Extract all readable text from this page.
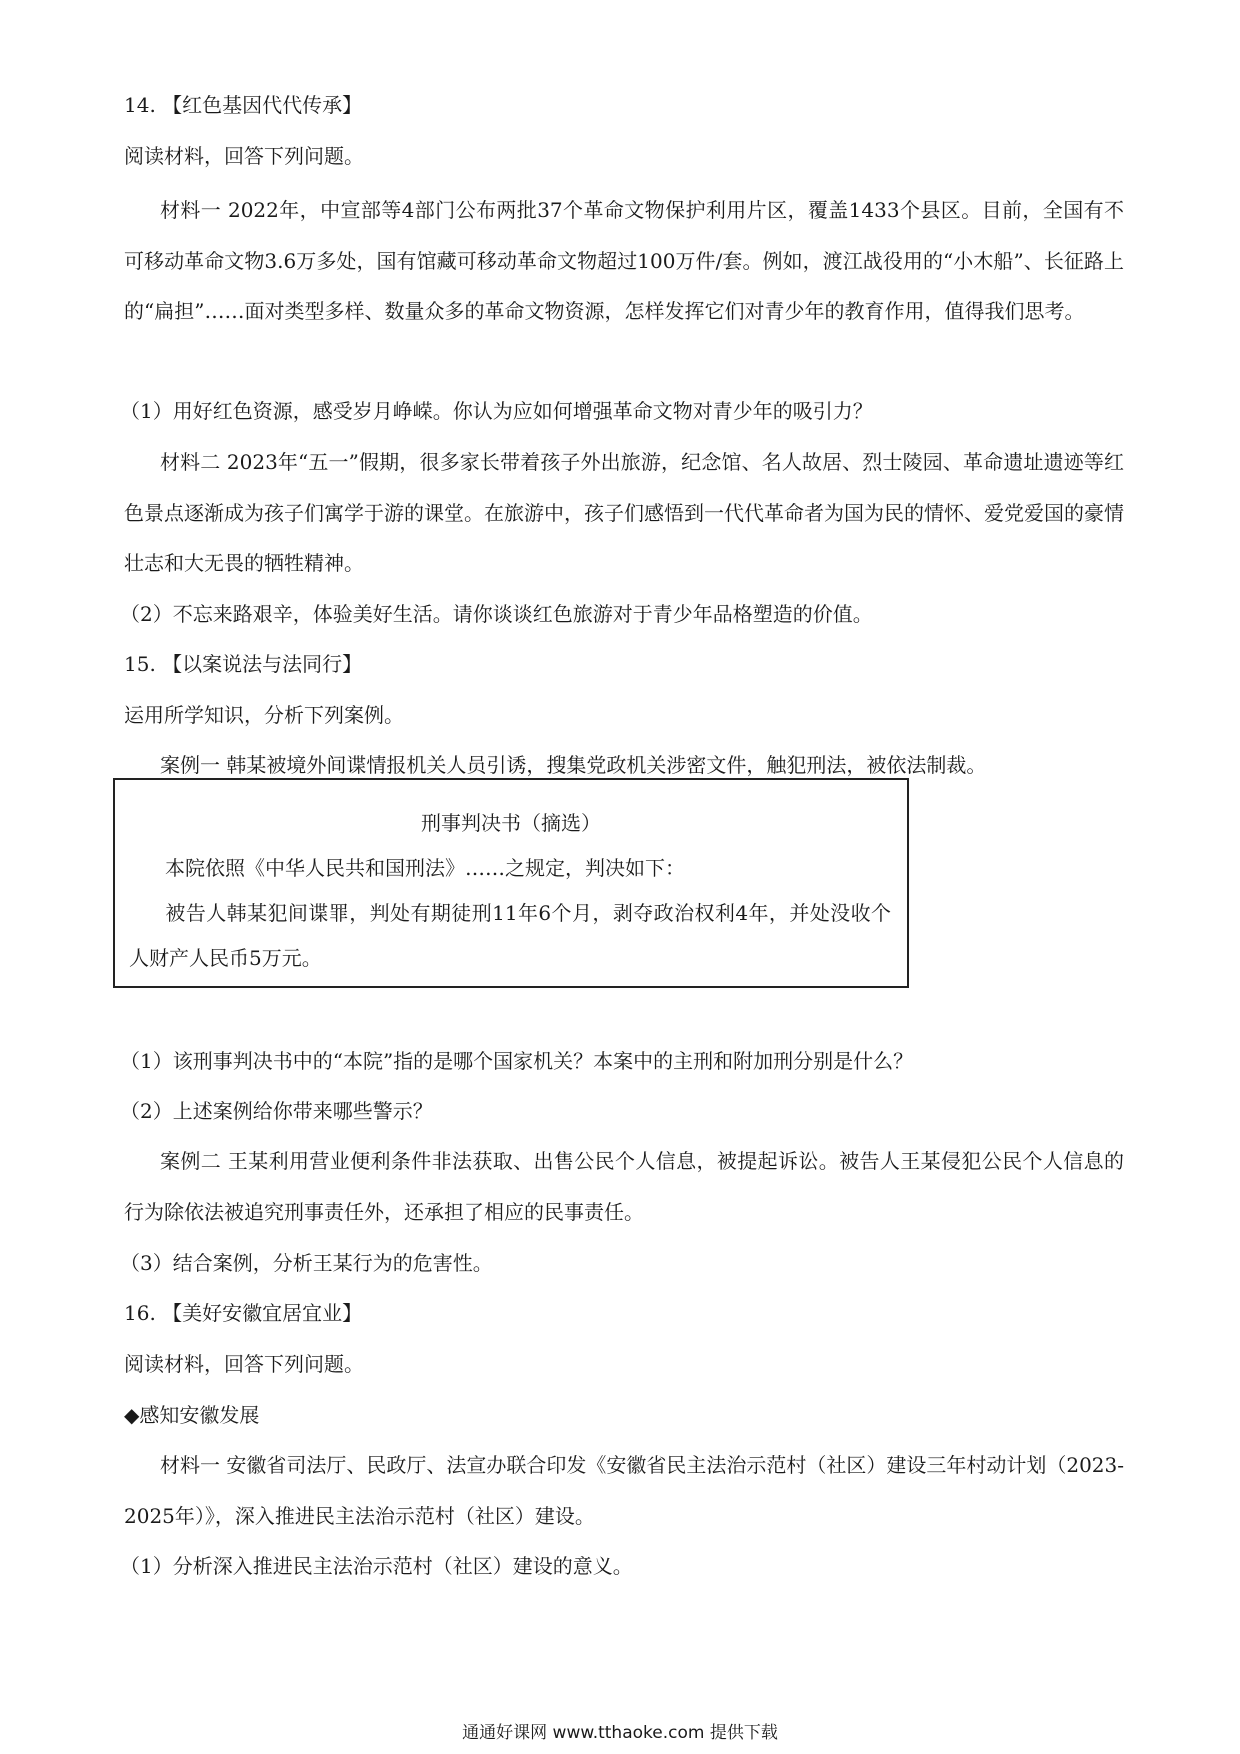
14. 【红色基因代代传承】
阅读材料，回答下列问题。
材料一 2022年，中宣部等4部门公布两批37个革命文物保护利用片区，覆盖1433个县区。目前，全国有不可移动革命文物3.6万多处，国有馆藏可移动革命文物超过100万件/套。例如，渡江战役用的“小木船”、长征路上的“扁担”……面对类型多样、数量众多的革命文物资源，怎样发挥它们对青少年的教育作用，值得我们思考。
（1）用好红色资源，感受岁月峥嵘。你认为应如何增强革命文物对青少年的吸引力？
材料二 2023年“五一”假期，很多家长带着孩子外出旅游，纪念馆、名人故居、烈士陵园、革命遗址遗迹等红色景点逐渐成为孩子们寓学于游的课堂。在旅游中，孩子们感悟到一代代革命者为国为民的情怀、爱党爱国的豪情壮志和大无畏的牺牲精神。
（2）不忘来路艰辛，体验美好生活。请你谈谈红色旅游对于青少年品格塑造的价值。
15. 【以案说法与法同行】
运用所学知识，分析下列案例。
案例一 韩某被境外间谍情报机关人员引诱，搜集党政机关涉密文件，触犯刑法，被依法制裁。
刑事判决书（摘选）
本院依照《中华人民共和国刑法》……之规定，判决如下：
被告人韩某犯间谍罪，判处有期徒刑11年6个月，剥夺政治权利4年，并处没收个人财产人民币5万元。
（1）该刑事判决书中的“本院”指的是哪个国家机关？本案中的主刑和附加刑分别是什么？
（2）上述案例给你带来哪些警示？
案例二 王某利用营业便利条件非法获取、出售公民个人信息，被提起诉讼。被告人王某侵犯公民个人信息的行为除依法被追究刑事责任外，还承担了相应的民事责任。
（3）结合案例，分析王某行为的危害性。
16. 【美好安徽宜居宜业】
阅读材料，回答下列问题。
◆感知安徽发展
材料一 安徽省司法厅、民政厅、法宣办联合印发《安徽省民主法治示范村（社区）建设三年村动计划（2023-2025年）》，深入推进民主法治示范村（社区）建设。
（1）分析深入推进民主法治示范村（社区）建设的意义。
通通好课网 www.tthaoke.com 提供下载
